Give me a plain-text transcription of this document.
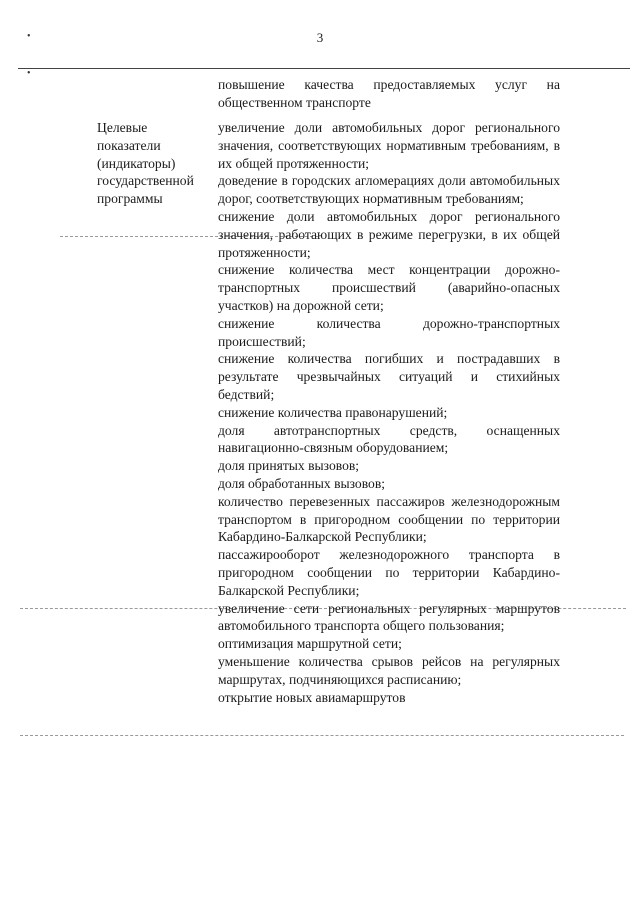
3
•
•
повышение качества предоставляемых услуг на общественном транспорте
Целевые
показатели
(индикаторы)
государственной
программы
увеличение доли автомобильных дорог регионального значения, соответствующих нормативным требованиям, в их общей протяженности;
доведение в городских агломерациях доли автомобильных дорог, соответствующих нормативным требованиям;
снижение доли автомобильных дорог регионального значения, работающих в режиме перегрузки, в их общей протяженности;
снижение количества мест концентрации дорожно-транспортных происшествий (аварийно-опасных участков) на дорожной сети;
снижение количества дорожно-транспортных происшествий;
снижение количества погибших и пострадавших в результате чрезвычайных ситуаций и стихийных бедствий;
снижение количества правонарушений;
доля автотранспортных средств, оснащенных навигационно-связным оборудованием;
доля принятых вызовов;
доля обработанных вызовов;
количество перевезенных пассажиров железнодорожным транспортом в пригородном сообщении по территории Кабардино-Балкарской Республики;
пассажирооборот железнодорожного транспорта в пригородном сообщении по территории Кабардино-Балкарской Республики;
увеличение сети региональных регулярных маршрутов автомобильного транспорта общего пользования;
оптимизация маршрутной сети;
уменьшение количества срывов рейсов на регулярных маршрутах, подчиняющихся расписанию;
открытие новых авиамаршрутов
